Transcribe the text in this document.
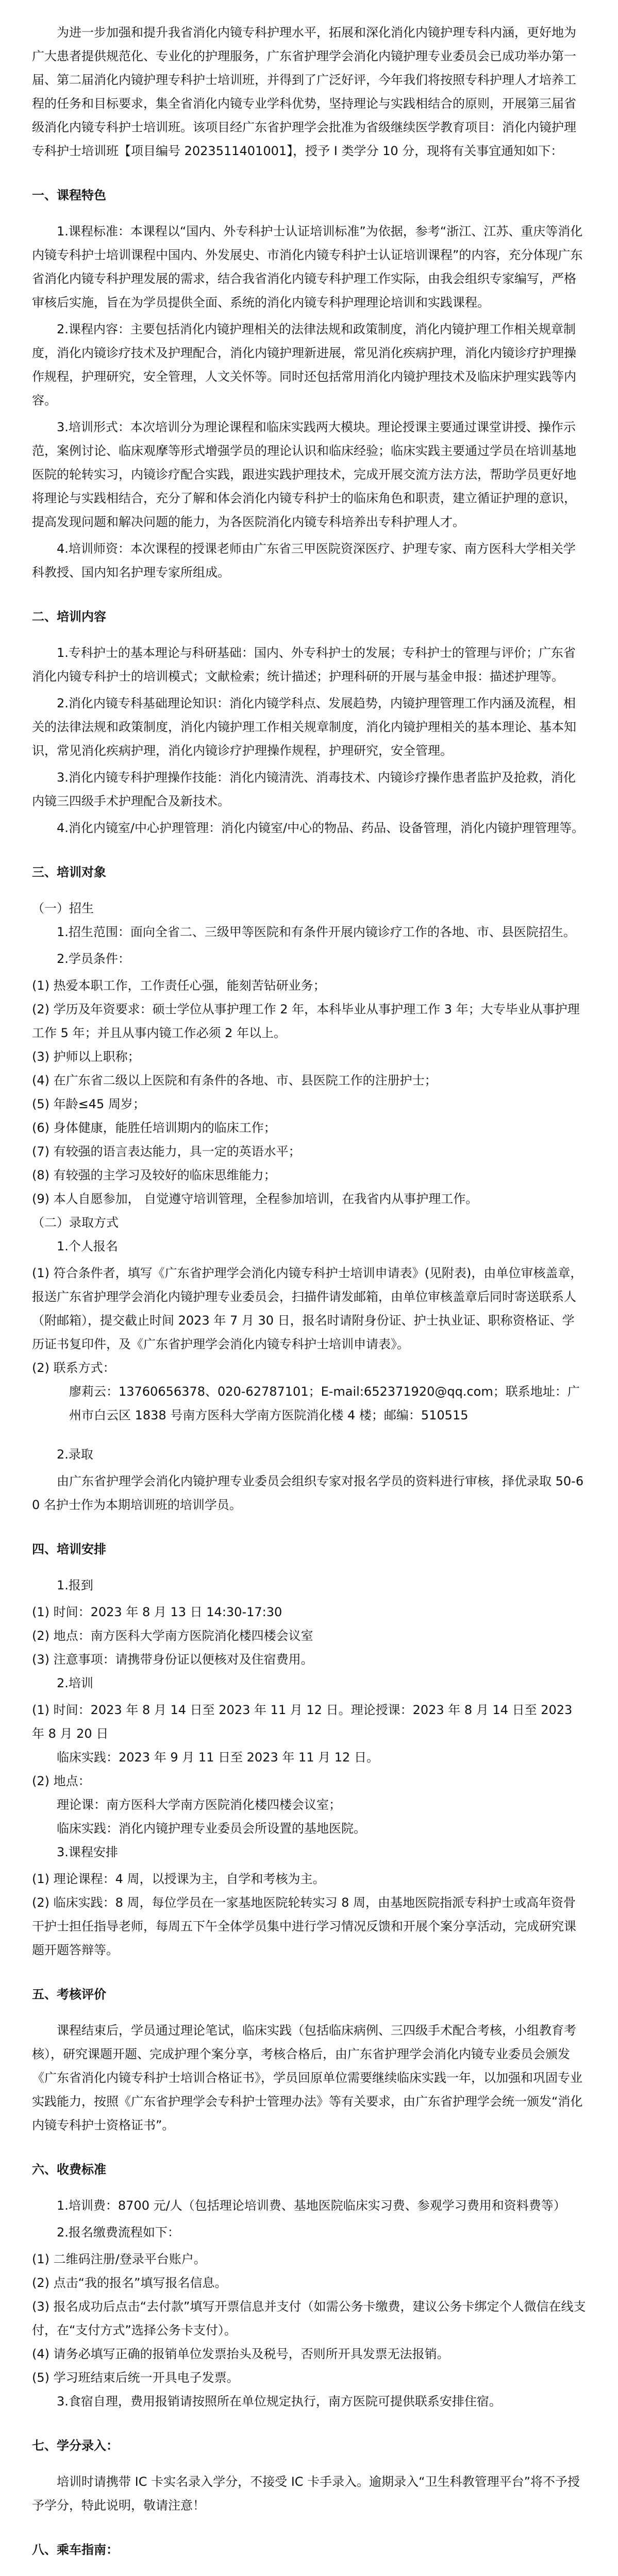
为进一步加强和提升我省消化内镜专科护理水平，拓展和深化消化内镜护理专科内涵，更好地为广大患者提供规范化、专业化的护理服务，广东省护理学会消化内镜护理专业委员会已成功举办第一届、第二届消化内镜护理专科护士培训班，并得到了广泛好评，今年我们将按照专科护理人才培养工程的任务和目标要求，集全省消化内镜专业学科优势，坚持理论与实践相结合的原则，开展第三届省级消化内镜专科护士培训班。该项目经广东省护理学会批准为省级继续医学教育项目：消化内镜护理专科护士培训班【项目编号 2023511401001】，授予 I 类学分 10 分，现将有关事宜通知如下：

一、课程特色

1.课程标准：本课程以“国内、外专科护士认证培训标准”为依据，参考“浙江、江苏、重庆等消化内镜专科护士培训课程中国内、外发展史、市消化内镜专科护士认证培训课程”的内容，充分体现广东省消化内镜专科护理发展的需求，结合我省消化内镜专科护理工作实际，由我会组织专家编写，严格审核后实施，旨在为学员提供全面、系统的消化内镜专科护理理论培训和实践课程。

2.课程内容：主要包括消化内镜护理相关的法律法规和政策制度，消化内镜护理工作相关规章制度，消化内镜诊疗技术及护理配合，消化内镜护理新进展，常见消化疾病护理，消化内镜诊疗护理操作规程，护理研究，安全管理，人文关怀等。同时还包括常用消化内镜护理技术及临床护理实践等内容。

3.培训形式：本次培训分为理论课程和临床实践两大模块。理论授课主要通过课堂讲授、操作示范，案例讨论、临床观摩等形式增强学员的理论认识和临床经验；临床实践主要通过学员在培训基地医院的轮转实习，内镜诊疗配合实践，跟进实践护理技术，完成开展交流方法方法，帮助学员更好地将理论与实践相结合，充分了解和体会消化内镜专科护士的临床角色和职责，建立循证护理的意识，提高发现问题和解决问题的能力，为各医院消化内镜专科培养出专科护理人才。

4.培训师资：本次课程的授课老师由广东省三甲医院资深医疗、护理专家、南方医科大学相关学科教授、国内知名护理专家所组成。

二、培训内容

1.专科护士的基本理论与科研基础：国内、外专科护士的发展；专科护士的管理与评价；广东省消化内镜专科护士的培训模式；文献检索；统计描述；护理科研的开展与基金申报：描述护理等。

2.消化内镜专科基础理论知识：消化内镜学科点、发展趋势，内镜护理管理工作内涵及流程，相关的法律法规和政策制度，消化内镜护理工作相关规章制度，消化内镜护理相关的基本理论、基本知识，常见消化疾病护理，消化内镜诊疗护理操作规程，护理研究，安全管理。

3.消化内镜专科护理操作技能：消化内镜清洗、消毒技术、内镜诊疗操作患者监护及抢救，消化内镜三四级手术护理配合及新技术。

4.消化内镜室/中心护理管理：消化内镜室/中心的物品、药品、设备管理，消化内镜护理管理等。

三、培训对象

（一）招生

1.招生范围：面向全省二、三级甲等医院和有条件开展内镜诊疗工作的各地、市、县医院招生。

2.学员条件：

(1) 热爱本职工作，工作责任心强，能刻苦钻研业务；

(2) 学历及年资要求：硕士学位从事护理工作 2 年，本科毕业从事护理工作 3 年；大专毕业从事护理工作 5 年；并且从事内镜工作必须 2 年以上。

(3) 护师以上职称；

(4) 在广东省二级以上医院和有条件的各地、市、县医院工作的注册护士；

(5) 年龄≤45 周岁；

(6) 身体健康，能胜任培训期内的临床工作；

(7) 有较强的语言表达能力，具一定的英语水平；

(8) 有较强的主学习及较好的临床思维能力；

(9) 本人自愿参加， 自觉遵守培训管理，全程参加培训，在我省内从事护理工作。

（二）录取方式

1.个人报名

(1) 符合条件者，填写《广东省护理学会消化内镜专科护士培训申请表》(见附表)，由单位审核盖章，报送广东省护理学会消化内镜护理专业委员会，扫描件请发邮箱，由单位审核盖章后同时寄送联系人（附邮箱），提交截止时间 2023 年 7 月 30 日，报名时请附身份证、护士执业证、职称资格证、学历证书复印件，及《广东省护理学会消化内镜专科护士培训申请表》。

(2) 联系方式：

廖莉云：13760656378、020-62787101；E-mail:652371920@qq.com；联系地址：广州市白云区 1838 号南方医科大学南方医院消化楼 4 楼；邮编：510515

2.录取

由广东省护理学会消化内镜护理专业委员会组织专家对报名学员的资料进行审核，择优录取 50-60 名护士作为本期培训班的培训学员。

四、培训安排

1.报到

(1) 时间：2023 年 8 月 13 日 14:30-17:30

(2) 地点：南方医科大学南方医院消化楼四楼会议室

(3) 注意事项：请携带身份证以便核对及住宿费用。

2.培训

(1) 时间：2023 年 8 月 14 日至 2023 年 11 月 12 日。理论授课：2023 年 8 月 14 日至 2023 年 8 月 20 日

临床实践：2023 年 9 月 11 日至 2023 年 11 月 12 日。

(2) 地点：

理论课：南方医科大学南方医院消化楼四楼会议室；

临床实践：消化内镜护理专业委员会所设置的基地医院。

3.课程安排

(1) 理论课程：4 周，以授课为主，自学和考核为主。

(2) 临床实践：8 周，每位学员在一家基地医院轮转实习 8 周，由基地医院指派专科护士或高年资骨干护士担任指导老师，每周五下午全体学员集中进行学习情况反馈和开展个案分享活动，完成研究课题开题答辩等。

五、考核评价

课程结束后，学员通过理论笔试，临床实践（包括临床病例、三四级手术配合考核，小组教育考核），研究课题开题、完成护理个案分享，考核合格后，由广东省护理学会消化内镜专业委员会颁发《广东省消化内镜专科护士培训合格证书》，学员回原单位需要继续临床实践一年，以加强和巩固专业实践能力，按照《广东省护理学会专科护士管理办法》等有关要求，由广东省护理学会统一颁发“消化内镜专科护士资格证书”。

六、收费标准

1.培训费：8700 元/人（包括理论培训费、基地医院临床实习费、参观学习费用和资料费等）

2.报名缴费流程如下：

(1) 二维码注册/登录平台账户。

(2) 点击“我的报名”填写报名信息。

(3) 报名成功后点击“去付款”填写开票信息并支付（如需公务卡缴费，建议公务卡绑定个人微信在线支付，在“支付方式”选择公务卡支付）。

(4) 请务必填写正确的报销单位发票抬头及税号，否则所开具发票无法报销。

(5) 学习班结束后统一开具电子发票。

3.食宿自理，费用报销请按照所在单位规定执行，南方医院可提供联系安排住宿。

七、学分录入：

培训时请携带 IC 卡实名录入学分，不接受 IC 卡手录入。逾期录入“卫生科教管理平台”将不予授予学分，特此说明，敬请注意！

八、乘车指南：
